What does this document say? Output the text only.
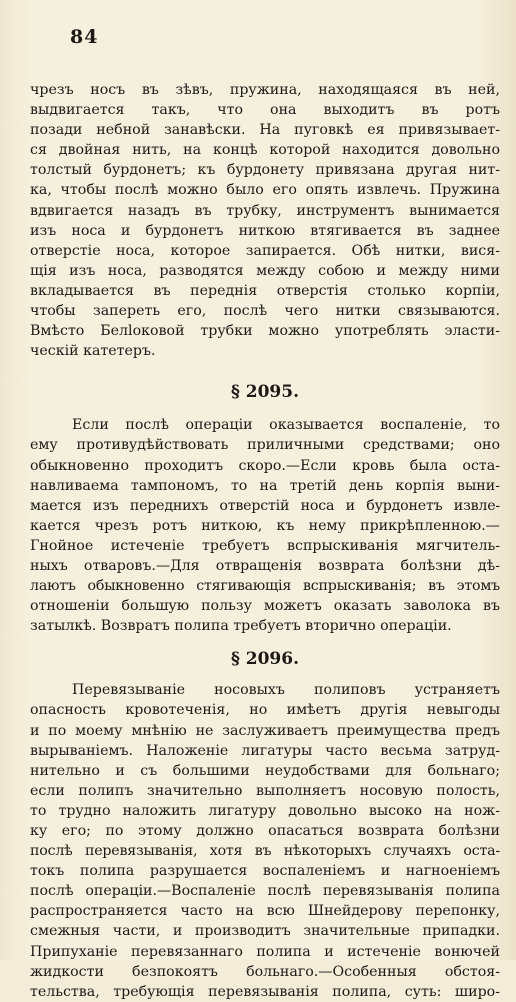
84
чрезъ носъ въ зѣвъ, пружина, находящаяся въ ней,
выдвигается такъ, что она выходитъ въ ротъ
позади небной занавѣски. На пуговкѣ ея привязывает-
ся двойная нить, на концѣ которой находится довольно
толстый бурдонетъ; къ бурдонету привязана другая нит-
ка, чтобы послѣ можно было его опять извлечь. Пружина
вдвигается назадъ въ трубку, инструментъ вынимается
изъ носа и бурдонетъ ниткою втягивается въ заднее
отверстіе носа, которое запирается. Обѣ нитки, вися-
щія изъ носа, разводятся между собою и между ними
вкладывается въ переднія отверстія столько корпіи,
чтобы запереть его, послѣ чего нитки связываются.
Вмѣсто Белloковой трубки можно употреблять эласти-
ческій катетеръ.
§ 2095.
Если послѣ операціи оказывается воспаленіе, то
ему противудѣйствовать приличными средствами; оно
обыкновенно проходитъ скоро.—Если кровь была оста-
навливаема тампономъ, то на третій день корпія выни-
мается изъ переднихъ отверстій носа и бурдонетъ извле-
кается чрезъ ротъ ниткою, къ нему прикрѣпленною.—
Гнойное истеченіе требуетъ вспрыскиванія мягчитель-
ныхъ отваровъ.—Для отвращенія возврата болѣзни дѣ-
лаютъ обыкновенно стягивающія вспрыскиванія; въ этомъ
отношеніи большую пользу можетъ оказать заволока въ
затылкѣ. Возвратъ полипа требуетъ вторично операціи.
§ 2096.
Перевязываніе носовыхъ полиповъ устраняетъ
опасность кровотеченія, но имѣетъ другія невыгоды
и по моему мнѣнію не заслуживаетъ преимущества предъ
вырываніемъ. Наложеніе лигатуры часто весьма затруд-
нительно и съ большими неудобствами для больнаго;
если полипъ значительно выполняетъ носовую полость,
то трудно наложить лигатуру довольно высоко на нож-
ку его; по этому должно опасаться возврата болѣзни
послѣ перевязыванія, хотя въ нѣкоторыхъ случаяхъ оста-
токъ полипа разрушается воспаленіемъ и нагноеніемъ
послѣ операціи.—Воспаленіе послѣ перевязыванія полипа
распространяется часто на всю Шнейдерову перепонку,
смежныя части, и производитъ значительные припадки.
Припуханіе перевязаннаго полипа и истеченіе вонючей
жидкости безпокоятъ больнаго.—Особенныя обстоя-
тельства, требующія перевязыванія полипа, суть: широ-
